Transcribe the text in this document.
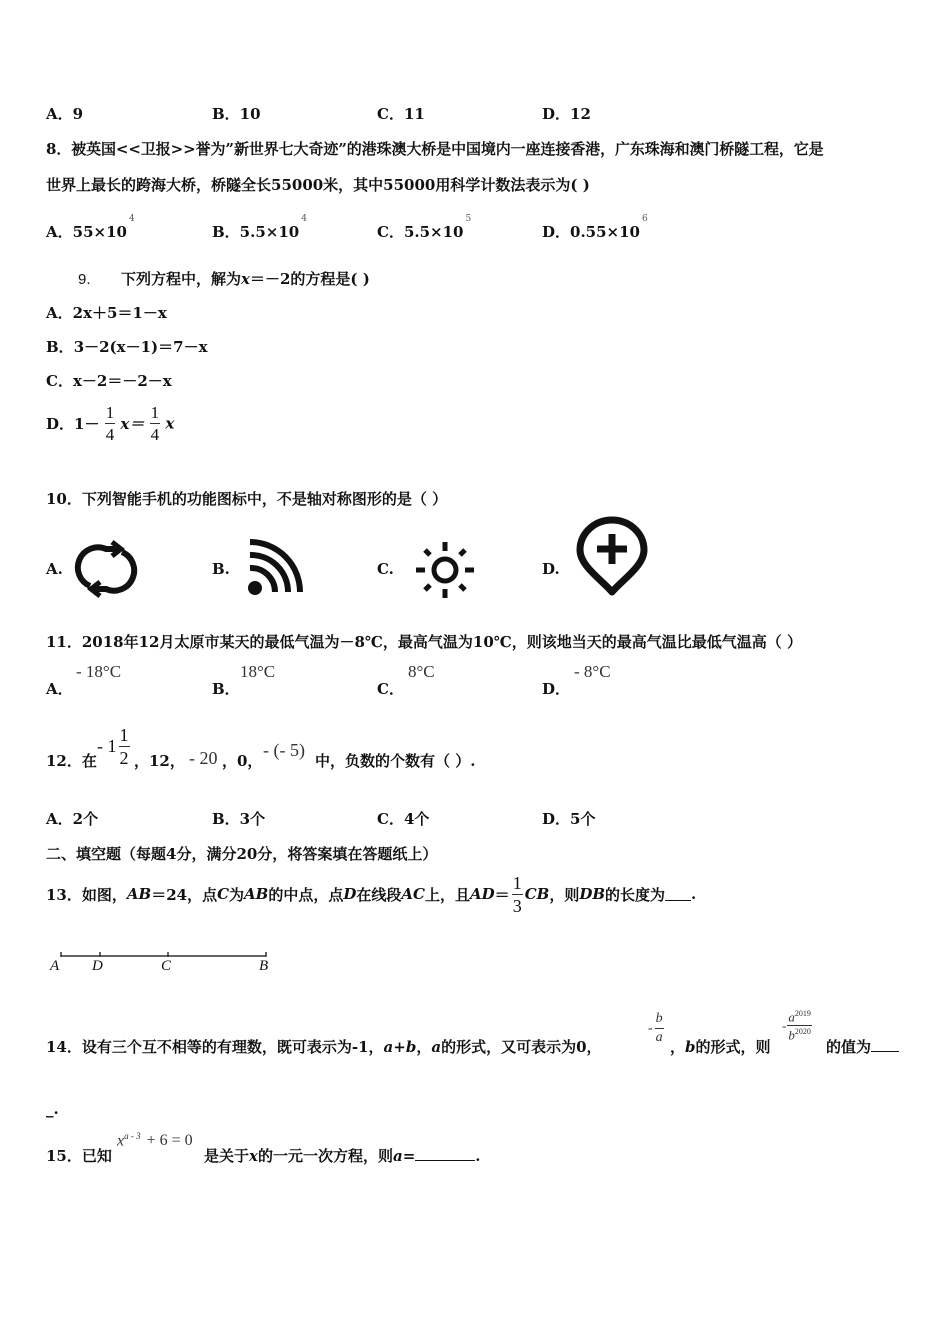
A．9	B．10	C．11	D．12
8．被英国<<卫报>>誉为”新世界七大奇迹”的港珠澳大桥是中国境内一座连接香港，广东珠海和澳门桥隧工程，它是
世界上最长的跨海大桥，桥隧全长55000米，其中55000用科学计数法表示为( )
A．$55\times 10^4$
B．$5.5\times 10^4$
C．$5.5\times 10^5$
D．$0.55\times 10^6$
9. 下列方程中，解为x＝－2的方程是( )
A．2x＋5＝1－x
B．3－2(x－1)＝7－x
C．x－2＝－2－x
D．$1- \frac{1}{4} x= \frac{1}{4}$ x
10．下列智能手机的功能图标中，不是轴对称图形的是（ ）
A.	B.	C.	D.
11．2018年12月太原市某天的最低气温为－8℃，最高气温为10℃，则该地当天的最高气温比最低气温高（ ）
A．
- 18°C
B．
18°C
C．
8°C
D．
- 8°C
12．在
- $1 \frac{1}{2}$ ，12， - 20 ，0，
- (- 5)
中，负数的个数有（ ）.
A．2个	B．3个	C．4个	D．5个
二、填空题（每题4分，满分20分，将答案填在答题纸上）
13．如图， AB ＝24，点 C 为 AB 的中点，点 D 在线段 AC 上，且 AD ＝ $\frac{1}{3}$ CB ，则 DB 的长度为 .
A D	C	B
14．设有三个互不相等的有理数，既可表示为-1，a+b，a的形式，又可表示为0，
- $\frac{b}{a}$
，b的形式，则
- $\frac{a^{2019}}{b^{2020}}$
的值为
_.
15．已知
$x^{a - 3} + 6 = 0$
是关于x的一元一次方程，则a=	.
